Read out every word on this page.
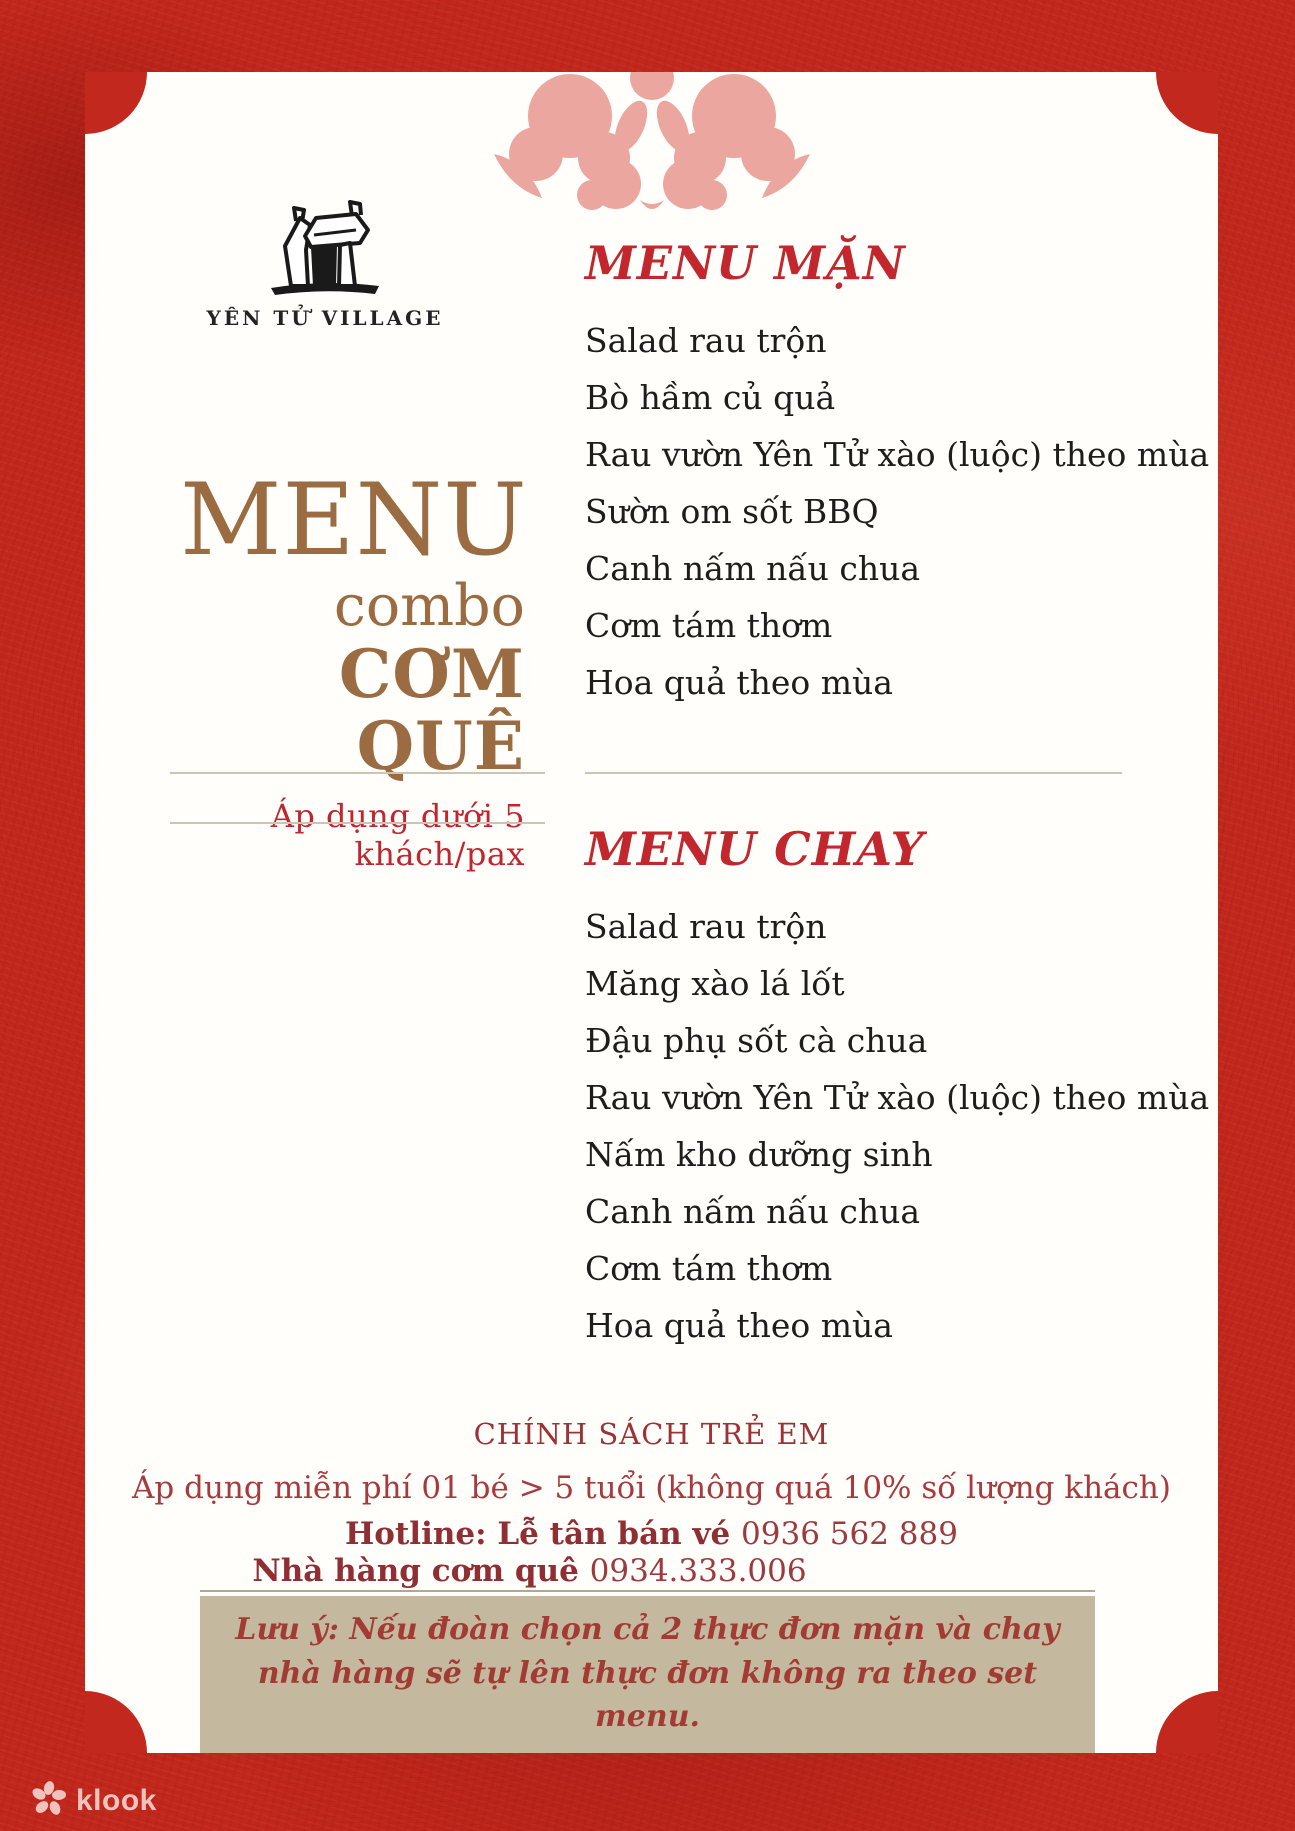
YÊN TỬ VILLAGE
MENU
combo
CƠM QUÊ
Áp dụng dưới 5 khách/pax
MENU MẶN
Salad rau trộn
Bò hầm củ quả
Rau vườn Yên Tử xào (luộc) theo mùa
Sườn om sốt BBQ
Canh nấm nấu chua
Cơm tám thơm
Hoa quả theo mùa
MENU CHAY
Salad rau trộn
Măng xào lá lốt
Đậu phụ sốt cà chua
Rau vườn Yên Tử xào (luộc) theo mùa
Nấm kho dưỡng sinh
Canh nấm nấu chua
Cơm tám thơm
Hoa quả theo mùa
CHÍNH SÁCH TRẺ EM
Áp dụng miễn phí 01 bé > 5 tuổi (không quá 10% số lượng khách)
Hotline: Lễ tân bán vé 0936 562 889
Nhà hàng cơm quê 0934.333.006
Lưu ý: Nếu đoàn chọn cả 2 thực đơn mặn và chay
nhà hàng sẽ tự lên thực đơn không ra theo set menu.
klook
